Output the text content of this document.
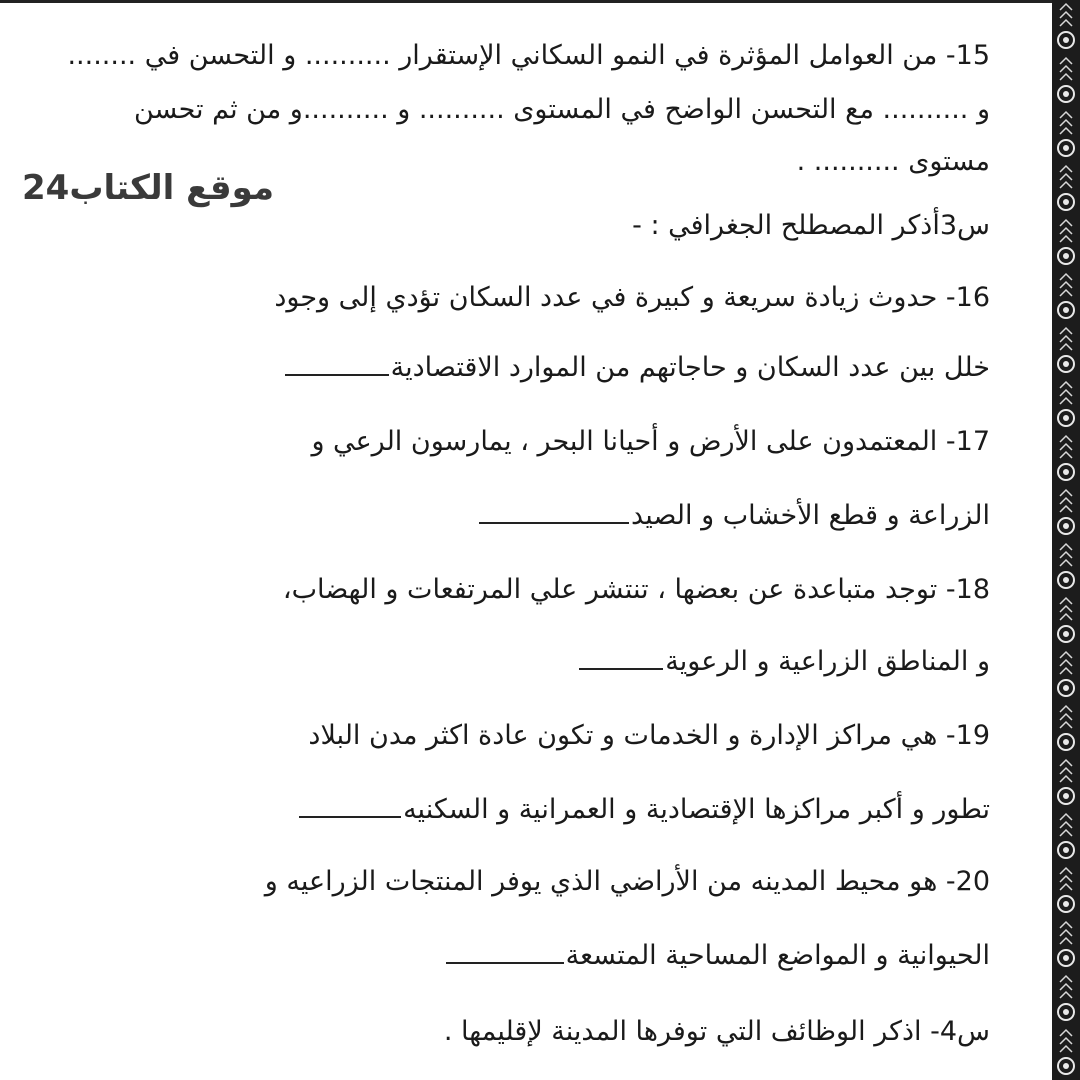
موقع الكتاب24
15- من العوامل المؤثرة في النمو السكاني الإستقرار .......... و التحسن في ........
و .......... مع التحسن الواضح في المستوى .......... و ..........و من ثم تحسن
مستوى .......... .
س3أذكر المصطلح الجغرافي : -
16- حدوث زيادة سريعة و كبيرة في عدد السكان تؤدي إلى وجود
خلل بين عدد السكان و حاجاتهم من الموارد الاقتصادية
17- المعتمدون على الأرض و أحيانا البحر ، يمارسون الرعي و
الزراعة و قطع الأخشاب و الصيد
18- توجد متباعدة عن بعضها ، تنتشر علي المرتفعات و الهضاب،
و المناطق الزراعية و الرعوية
19- هي مراكز الإدارة و الخدمات و تكون عادة اكثر مدن البلاد
تطور و أكبر مراكزها الإقتصادية و العمرانية و السكنيه
20- هو محيط المدينه من الأراضي الذي يوفر المنتجات الزراعيه و
الحيوانية و المواضع المساحية المتسعة
س4- اذكر الوظائف التي توفرها المدينة لإقليمها .
